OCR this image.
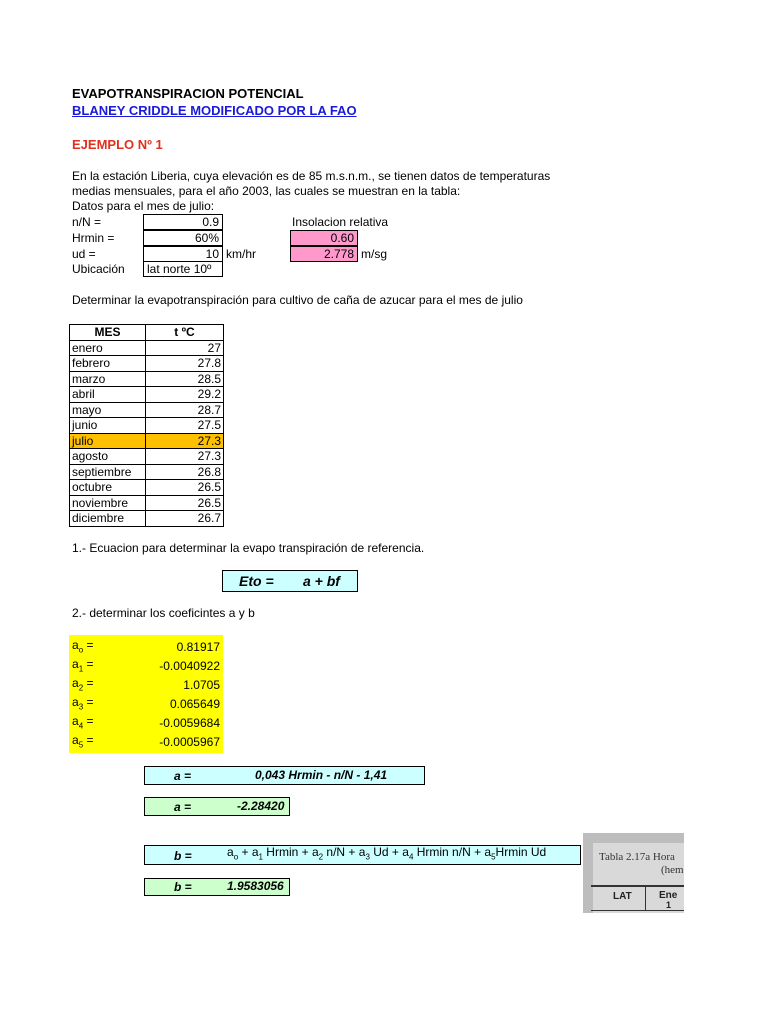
EVAPOTRANSPIRACION POTENCIAL
BLANEY CRIDDLE MODIFICADO POR LA FAO
EJEMPLO Nº 1
En la estación Liberia, cuya elevación es de 85 m.s.n.m., se tienen datos de temperaturas
medias mensuales, para el año 2003, las cuales se muestran en la tabla:
Datos para el mes de julio:
n/N =	0.9
Hrmin =	60%
ud =	10 km/hr
Ubicación	lat norte 10º
Insolacion relativa
0.60
2.778 m/sg
Determinar la evapotranspiración para cultivo de caña de azucar para el mes de julio
MES	t ºC
enero	27
febrero	27.8
marzo	28.5
abril	29.2
mayo	28.7
junio	27.5
julio	27.3
agosto	27.3
septiembre	26.8
octubre	26.5
noviembre	26.5
diciembre	26.7
1.- Ecuacion para determinar la evapo transpiración de referencia.
Eto = a + bf
2.- determinar los coeficintes a y b
$a_o$ =	0.81917
$a_1$ =	-0.0040922
$a_2$ =	1.0705
$a_3$ =	0.065649
$a_4$ =	-0.0059684
$a_5$ =	-0.0005967
a =	0,043 Hrmin - n/N - 1,41
a =	-2.28420
b =	$a_o + a_1$ $Hrmin + a_2$ $n/N + a_3$ $Ud + a_4$ Hrmin $n/N + a_5Hrmin$ Ud
b =	1.9583056
Tabla 2.17a Hora
(hem
LAT	Ene
1
